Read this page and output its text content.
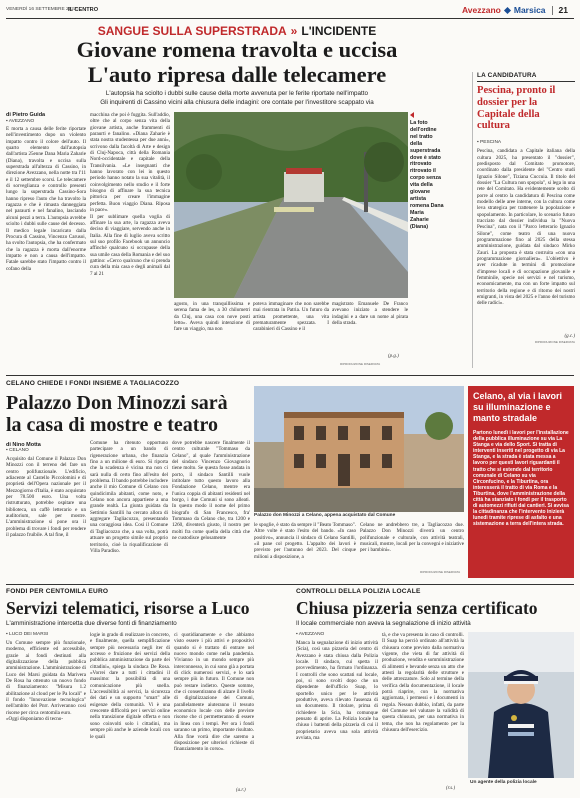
VENERDÌ 16 SETTEMBRE 2022
IL CENTRO	Avezzano Marsica 21
SANGUE SULLA SUPERSTRADA » L'INCIDENTE
Giovane romena travolta e uccisa
L'auto ripresa dalle telecamere
L'autopsia ha sciolto i dubbi sulle cause della morte avvenuta per le ferite riportate nell'impatto
Gli inquirenti di Cassino vicini alla chiusura delle indagini: ore contate per l'investitore scappato via
di Pietro Guida
▪ AVEZZANO
È morta a causa delle ferite riportate nell'investimento dopo un violento impatto contro il colore dell'auto. Il quarto elemento dall'autopsia dall'artista 25enne Dana Maria Zaharie (Diana), travolta e uccisa sulla superstrada all'altezza di Cassino, in direzione Avezzano, nella notte tra l'11 e il 12 settembre scorsi. Le telecamere di sorveglianza e controllo presenti lungo la superstrada Cassino-Sora hanno ripreso l'auto che ha travolto la ragazza e che è rimasta danneggiata nel paraurti e nel fanalino, lasciando alcuni pezzi a terra. L'autopsia avrebbe sciolto i dubbi sulle cause del decesso. Il medico legale incaricato dalla Procura di Cassino, Vincenzo Carusoi, ha svolto l'autopsia, che ha confermato che la ragazza è morta dall'enorme impatto e non a causa dell'impatto. Fatale sarebbe stato l'impatto contro il cofano della
macchina che poi è fuggita. Sull'addio, oltre che al corpo senza vita della giovane artista, anche frammenti di paraurti e fanalino. «Diana Zaharie è stata nostra studentessa per due anni», scrivono dalla facoltà di Arte e design di Cluj-Napoca, città della Romania Nord-occidentale e capitale della Transilvania. «Le insegnanti che hanno lavorato con lei in questo periodo hanno notato la sua vitalità, il coinvolgimento nello studio e il forte bisogno di affinare la sua tecnica pittorica per creare l'immagine perfetta. Buon viaggio Diana. Riposa in pace».
Il per sublimare quella voglia di affinare la sua arte, la ragazza aveva deciso di viaggiare, servendo anche in Italia. Alla fine di luglio aveva scritto sul suo profilo Facebook un annuncio affinché qualcuno si occupasse della sua umile casa della Romania e del suo gattino: «Cerco qualcuno che si prenda cura della mia casa e degli animali dal 7 al 21
agosto, in una tranquillissima e serena fama de les, a 30 chilometri da Cluj, una casa con nove posti letto». Aveva quindi intenzione di fare un viaggio, ma non
poteva immaginare che non sarebbe mai rientrata in Patria. Un futuro da artista promettente, una vita prematuramente spezzata. I carabinieri di Cassino e il
magistrato Emanuele De Franco avevano iniziato a stendere le indagini e a dare un nome al pirata della strada.
(p.g.)
RIPRODUZIONE RISERVATA
La foto dell'ordine nel tratto della superstrada dove è stato ritrovato ritrovato il corpo senza vita della giovane artista romena Dana Maria Zaharie (Diana)
LA CANDIDATURA
Pescina, pronto il dossier per la Capitale della cultura
▪ PESCINA
Pescina, candidata a Capitale italiana della cultura 2025, ha presentato il "dossier", predisposto dal Comitato promotore, coordinato dalla presidente del "Centro studi Ignazio Silone", Tiziana Cuccuia. Il titolo del dossier "La Cultura non spopola", si lega in una rete del Comitato. Ha evidentemente scelto di porre al centro la candidatura di Pescina come modello delle aree interne, con la cultura come leva strategica per trattenere la popolazione e spopolamento. In particolare, lo scenario futuro tracciato dal dossier individua la "Nuova Pescina", nata con il "Parco letterario Ignazio Silone", come teatro di una nuova programmazione fino al 2025 della stessa amministrazione, guidata dal sindaco Mirko Zauri. La proposta è stata costruita «con una programmazione giornaliera». L'obiettivo è aver ricadute in termini di promozione d'imprese locali e di occupazione giovanile e femminile, specie nei servizi e nel turismo, economicamente, ma con un forte impatto sul territorio della regione e di ritorno dei nostri emigranti, in vista del 2025 e l'anno del turismo delle radici».
(g.c.)
RIPRODUZIONE RISERVATA
CELANO CHIEDE I FONDI INSIEME A TAGLIACOZZO
Palazzo Don Minozzi sarà
la casa di mostre e teatro
di Nino Motta
▪ CELANO
Acquisito dal Comune il Palazzo Don Minozzi con il terreno del fare un centro polifunzionale. L'edificio, adiacente al Castello Piccolomini e di proprietà dell'Opera nazionale per il Mezzogiorno d'Italia, è stato acquistato per 78.500 euro. Una volta ristrutturato, potrebbe ospitare una biblioteca, un caffè letterario e un auditorium, sale per mostre. L'amministrazione si pone ora il problema di trovare i fondi per rendere il palazzo fruibile. A tal fine, il
Comune ha ritenuto opportuno partecipare a un bando di rigenerazione urbana, che finanzia fino a un milione di euro. Si riporta che la scadenza è vicina ma non ci sarà nulla di certo fino all'esito del problema. Il bando potrebbe includere anche il mio Comune di Celano con quindicimila abitanti, come noto, e Celano non ancora appartiene a una grande realtà. La giunta guidata da Settimio Santilli ha cercato allora di aggregare Tagliacozzo, presentando una coraggiosa idea. Così il Comune di Tagliacozzo che, a sua volta, potrà attuare un progetto simile sul proprio territorio, cioè la riqualificazione di Villa Paradiso.
dove potrebbe nascere finalmente il centro culturale "Tommaso da Celano", al quale l'amministrazione del sindaco Vincenzo Giovagnorio tiene molto. Se questa fosse andata in porto, il sindaco Santilli vuole intitolare tutto questo lavoro alla Fondazione Celano, mentre era l'unica coppia di abitanti residenti nel borgo, i due Comuni si sono alleati. In questo modo il nome del primo biografo di San Francesco, fra' Tommaso da Celano che, tra 1200 e 1260, diventerà giusto, il nostro per molti fra come quella della città che ne custodisce gelosamente
Palazzo don Minozzi a Celano, appena acquistato dal Comune
le spoglie, è stato da sempre il "Beato Tommaso". Altre volte è stato l'esito del bando. «In caso positivo», annuncia il sindaco di Celano Santilli, «il pane col progetto. L'appalto dei lavori è previsto per l'autunno del 2023. Del cinque milioni a disposizione, a
Celano ne andrebbero tre, a Tagliacozzo due. Palazzo Don Minozzi diverrà un centro polifunzionale e culturale, con attività teatrali, musicali, mostre, locali per la convegni e iniziative per i bambini».
RIPRODUZIONE RISERVATA
Celano, al via i lavori su illuminazione e manto stradale
Partono lunedì i lavori per l'installazione della pubblica illuminazione su via La Stanga e via dello Sport. Si tratta di interventi inseriti nel progetto di via La Stanga, e la strada è stata messa a lavoro per questi lavori riguardanti il tratto che si estende dal territorio comunale di Celano su via Circonfucino, e la Tiburtina, ora interesserà il tratto di via Roma e la Tiburtina, dove l'amministrazione della città ha stanziato i fondi per il trasporto di automezzi rifiuti dai cantieri. Si avvisa la cittadinanza che l'intervento inizierà lunedì tramite riprese di asfalto e una sistemazione a terra dell'intera strada.
FONDI PER CENTOMILA EURO
Servizi telematici, risorse a Luco
L'amministrazione intercetta due diverse fonti di finanziamento
▪ LUCO DEI MARSI
Un Comune sempre più funzionale, moderno, efficiente ed accessibile, grazie ai fondi destinati alla digitalizzazione della pubblica amministrazione. L'amministrazione di Luco dei Marsi guidata da Marivera De Rosa ha ottenuto un nuovo fondo di finanziamento: "Misura 1.2 abilitazione al cloud per le Pa locali" e il fondo "Innovazione tecnologica" nell'ambito del Pnrr. Arriveranno così risorse per circa centomila euro.
«Oggi disponiamo di tecno-
logie in grado di realizzare in concreto, e finalmente, quella semplificazione sempre più necessaria negli iter di accesso e fruizione dei servizi della pubblica amministrazione da parte dei cittadini», spiega la sindaca De Rosa. «Vorrei dare a tutti i cittadini il massimo: la possibilità di una comunicazione più snella. L'accessibilità ai servizi, la sicurezza dei dati e un supporto "smart" alle esigenze della comunità. Vi è una crescente difficoltà per i servizi online nella transizione digitale offerta e non sono coinvolti solo i cittadini, ma sempre più anche le aziende locali con le quali
ci quotidianamente e che abbiamo visto essere i più attivi e propositivi quando si è trattato di entrare nel nuovo mondo come nella pandemia. Vivianno in un mondo sempre più interconnesso, in cui sono già a portata di click numerosi servizi, e lo sarà sempre più in futuro. Il Comune non può restare indietro. Queste somme, che ci consentiranno di alzare il livello di digitalizzazione dei Comuni, parallelamente aiuteranno il tessuto economico locale con delle previste risorse che ci permetteranno di essere in linea con i tempi. Per ora i fondi saranno un primo, importante risultato. Alla fine vorrà dire che saremo a disposizione per ulteriori richieste di finanziamento in corso».
(a.r.)
CONTROLLI DELLA POLIZIA LOCALE
Chiusa pizzeria senza certificato
Il locale commerciale non aveva la segnalazione di inizio attività
▪ AVEZZANO
Manca la segnalazione di inizio attività (Scia), così una pizzeria del centro di Avezzano è stata chiusa dalla Polizia locale. Il sindaco, cui spetta il provvedimento, ha firmato l'ordinanza. I controlli che sono scattati sul locale, poi, si sono svolti dopo che un dipendente dell'ufficio Suap, lo sportello unico per le attività produttive, aveva rilevato l'assenza di un documento. Il titolare, prima di richiedere la Scia, ha comunque pensato di aprire. La Polizia locale ha chiuso i battenti della pizzeria di cui il proprietario aveva una sola attività avviata, ma
tà, e che va presenta in caso di controlli. Il Suap ha perciò ordinato all'attività la chiusura come previsto dalla normativa vigente, che vieta di far attività di produzione, vendita e somministrazione di alimenti e bevande senza un atto che attesti la regolarità delle strutture e delle attrezzature. Solo al termine della verifica della documentazione, il locale potrà riaprire, con la normativa aggiornata, i permessi e i documenti in regola. Nessun dubbio, infatti, da parte del Comune nel valutare la validità di questa chiusura, per una normativa in tema, che non ha regolamento per la chiusura dell'esercizio.
(r.s.)
Un agente della polizia locale
